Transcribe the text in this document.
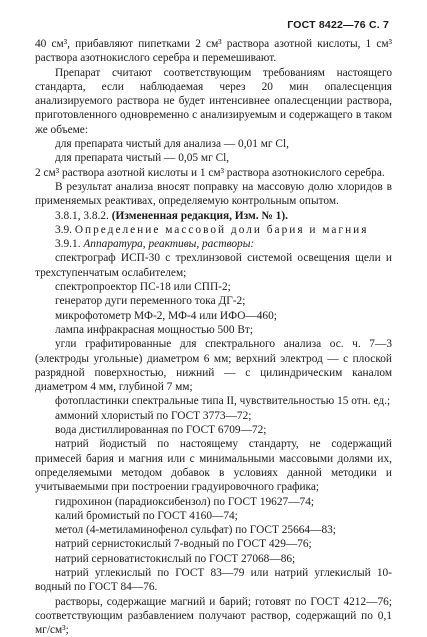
ГОСТ 8422—76 С. 7

40 см³, прибавляют пипетками 2 см³ раствора азотной кислоты, 1 см³ раствора азотнокислого серебра и перемешивают.

Препарат считают соответствующим требованиям настоящего стандарта, если наблюдаемая через 20 мин опалесценция анализируемого раствора не будет интенсивнее опалесценции раствора, приготовленного одновременно с анализируемым и содержащего в таком же объеме:

для препарата чистый для анализа — 0,01 мг Cl,

для препарата чистый — 0,05 мг Cl,

2 см³ раствора азотной кислоты и 1 см³ раствора азотнокислого серебра.

В результат анализа вносят поправку на массовую долю хлоридов в применяемых реактивах, определяемую контрольным опытом.

3.8.1, 3.8.2. (Измененная редакция, Изм. № 1).

3.9. Определение массовой доли бария и магния

3.9.1. Аппаратура, реактивы, растворы:

спектрограф ИСП-30 с трехлинзовой системой освещения щели и трехступенчатым ослабителем;

спектропроектор ПС-18 или СПП-2;

генератор дуги переменного тока ДГ-2;

микрофотометр МФ-2, МФ-4 или ИФО—460;

лампа инфракрасная мощностью 500 Вт;

угли графитированные для спектрального анализа ос. ч. 7—3 (электроды угольные) диаметром 6 мм; верхний электрод — с плоской разрядной поверхностью, нижний — с цилиндрическим каналом диаметром 4 мм, глубиной 7 мм;

фотопластинки спектральные типа II, чувствительностью 15 отн. ед.;

аммоний хлористый по ГОСТ 3773—72;

вода дистиллированная по ГОСТ 6709—72;

натрий йодистый по настоящему стандарту, не содержащий примесей бария и магния или с минимальными массовыми долями их, определяемыми методом добавок в условиях данной методики и учитываемыми при построении градуировочного графика;

гидрохинон (парадиоксибензол) по ГОСТ 19627—74;

калий бромистый по ГОСТ 4160—74;

метол (4-метиламинофенол сульфат) по ГОСТ 25664—83;

натрий сернистокислый 7-водный по ГОСТ 429—76;

натрий серноватистокислый по ГОСТ 27068—86;

натрий углекислый по ГОСТ 83—79 или натрий углекислый 10-водный по ГОСТ 84—76.

растворы, содержащие магний и барий; готовят по ГОСТ 4212—76; соответствующим разбавлением получают раствор, содержащий по 0,1 мг/см³;
